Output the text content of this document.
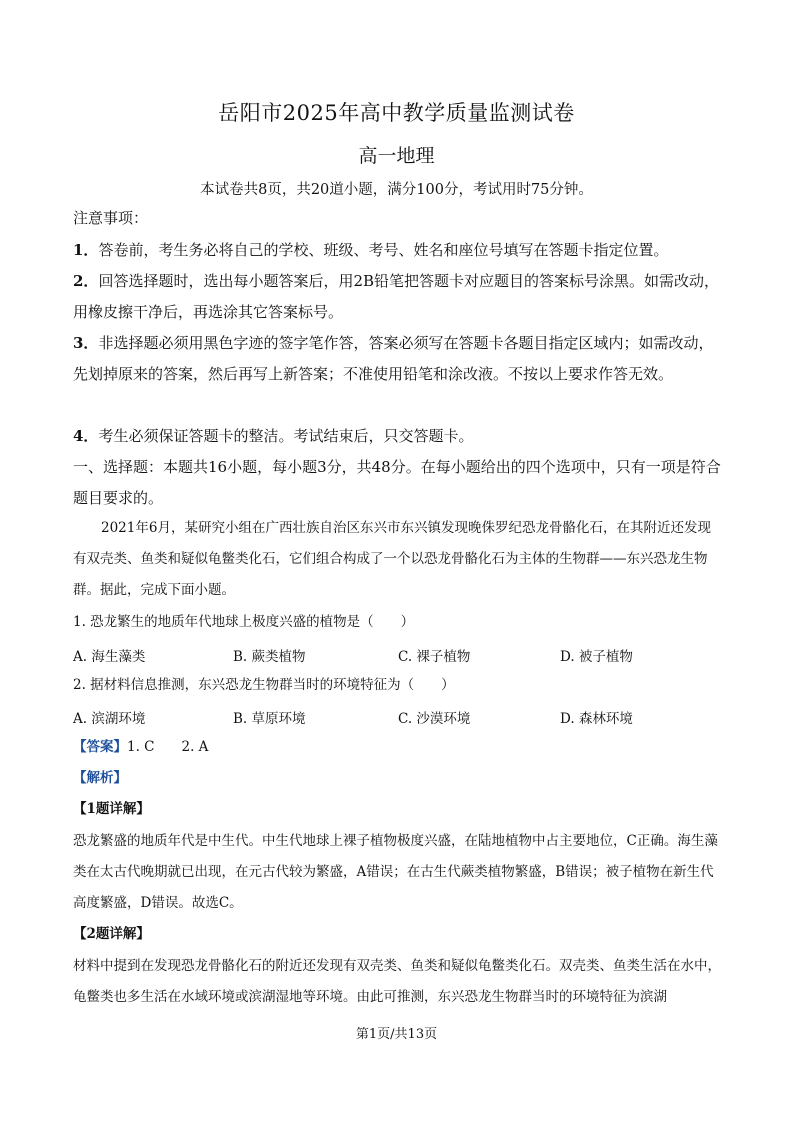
岳阳市2025年高中教学质量监测试卷
高一地理
本试卷共8页，共20道小题，满分100分，考试用时75分钟。

注意事项：

1．答卷前，考生务必将自己的学校、班级、考号、姓名和座位号填写在答题卡指定位置。

2．回答选择题时，选出每小题答案后，用2B铅笔把答题卡对应题目的答案标号涂黑。如需改动，用橡皮擦干净后，再选涂其它答案标号。

3．非选择题必须用黑色字迹的签字笔作答，答案必须写在答题卡各题目指定区域内；如需改动，先划掉原来的答案，然后再写上新答案；不准使用铅笔和涂改液。不按以上要求作答无效。

4．考生必须保证答题卡的整洁。考试结束后，只交答题卡。

一、选择题：本题共16小题，每小题3分，共48分。在每小题给出的四个选项中，只有一项是符合题目要求的。

2021年6月，某研究小组在广西壮族自治区东兴市东兴镇发现晚侏罗纪恐龙骨骼化石，在其附近还发现有双壳类、鱼类和疑似龟鳖类化石，它们组合构成了一个以恐龙骨骼化石为主体的生物群——东兴恐龙生物群。据此，完成下面小题。

1. 恐龙繁生的地质年代地球上极度兴盛的植物是（　　）

A. 海生藻类	B. 蕨类植物	C. 裸子植物	D. 被子植物

2. 据材料信息推测，东兴恐龙生物群当时的环境特征为（　　）

A. 滨湖环境	B. 草原环境	C. 沙漠环境	D. 森林环境

【答案】1. C　　2. A

【解析】

【1题详解】

恐龙繁盛的地质年代是中生代。中生代地球上裸子植物极度兴盛，在陆地植物中占主要地位，C正确。海生藻类在太古代晚期就已出现，在元古代较为繁盛，A错误；在古生代蕨类植物繁盛，B错误；被子植物在新生代高度繁盛，D错误。故选C。

【2题详解】

材料中提到在发现恐龙骨骼化石的附近还发现有双壳类、鱼类和疑似龟鳖类化石。双壳类、鱼类生活在水中，龟鳖类也多生活在水域环境或滨湖湿地等环境。由此可推测，东兴恐龙生物群当时的环境特征为滨湖

第1页/共13页
